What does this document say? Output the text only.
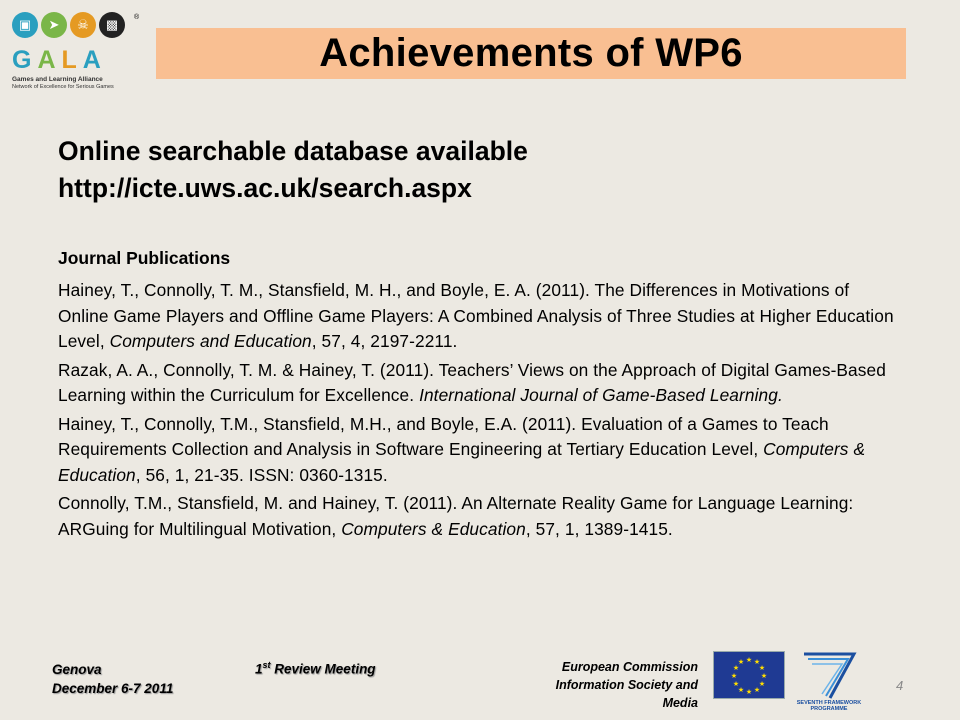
▣	➤	☠	▩	®
GALA
Games and Learning Alliance
Network of Excellence for Serious Games
Achievements of WP6
Online searchable database available
http://icte.uws.ac.uk/search.aspx
Journal Publications

Hainey, T., Connolly, T. M., Stansfield, M. H., and Boyle, E. A. (2011). The Differences in Motivations of Online Game Players and Offline Game Players: A Combined Analysis of Three Studies at Higher Education Level, Computers and Education, 57, 4, 2197-2211.

Razak, A. A., Connolly, T. M. & Hainey, T. (2011). Teachers’ Views on the Approach of Digital Games-Based Learning within the Curriculum for Excellence. International Journal of Game-Based Learning.

Hainey, T., Connolly, T.M., Stansfield, M.H., and Boyle, E.A. (2011). Evaluation of a Games to Teach Requirements Collection and Analysis in Software Engineering at Tertiary Education Level, Computers & Education, 56, 1, 21-35. ISSN: 0360-1315.

Connolly, T.M., Stansfield, M. and Hainey, T. (2011). An Alternate Reality Game for Language Learning: ARGuing for Multilingual Motivation, Computers & Education, 57, 1, 1389-1415.

Genova
December 6-7 2011
1st Review Meeting	European Commission
Information Society and
Media
★ ★
★
★
★
★
★
★
★
★
★
★
SEVENTH FRAMEWORK
PROGRAMME
4
